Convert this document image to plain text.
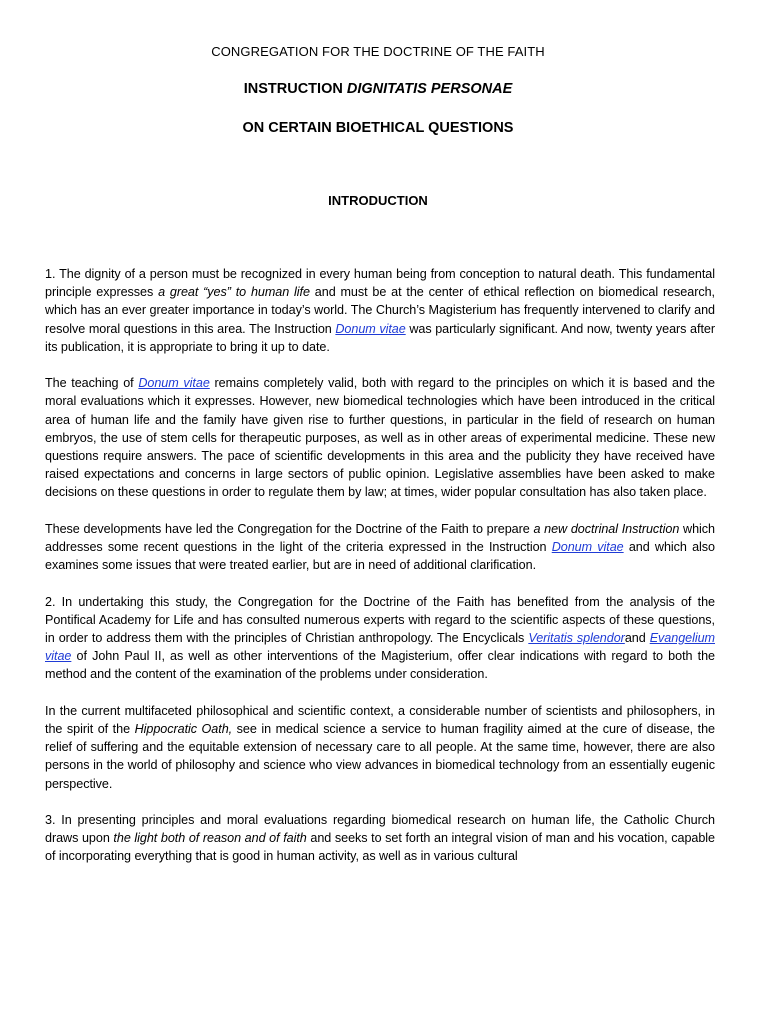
CONGREGATION FOR THE DOCTRINE OF THE FAITH
INSTRUCTION DIGNITATIS PERSONAE
ON CERTAIN BIOETHICAL QUESTIONS
INTRODUCTION

1. The dignity of a person must be recognized in every human being from conception to natural death. This fundamental principle expresses a great “yes” to human life and must be at the center of ethical reflection on biomedical research, which has an ever greater importance in today’s world. The Church’s Magisterium has frequently intervened to clarify and resolve moral questions in this area. The Instruction Donum vitae was particularly significant. And now, twenty years after its publication, it is appropriate to bring it up to date.

The teaching of Donum vitae remains completely valid, both with regard to the principles on which it is based and the moral evaluations which it expresses. However, new biomedical technologies which have been introduced in the critical area of human life and the family have given rise to further questions, in particular in the field of research on human embryos, the use of stem cells for therapeutic purposes, as well as in other areas of experimental medicine. These new questions require answers. The pace of scientific developments in this area and the publicity they have received have raised expectations and concerns in large sectors of public opinion. Legislative assemblies have been asked to make decisions on these questions in order to regulate them by law; at times, wider popular consultation has also taken place.

These developments have led the Congregation for the Doctrine of the Faith to prepare a new doctrinal Instruction which addresses some recent questions in the light of the criteria expressed in the Instruction Donum vitae and which also examines some issues that were treated earlier, but are in need of additional clarification.

2. In undertaking this study, the Congregation for the Doctrine of the Faith has benefited from the analysis of the Pontifical Academy for Life and has consulted numerous experts with regard to the scientific aspects of these questions, in order to address them with the principles of Christian anthropology. The Encyclicals Veritatis splendorand Evangelium vitae of John Paul II, as well as other interventions of the Magisterium, offer clear indications with regard to both the method and the content of the examination of the problems under consideration.

In the current multifaceted philosophical and scientific context, a considerable number of scientists and philosophers, in the spirit of the Hippocratic Oath, see in medical science a service to human fragility aimed at the cure of disease, the relief of suffering and the equitable extension of necessary care to all people. At the same time, however, there are also persons in the world of philosophy and science who view advances in biomedical technology from an essentially eugenic perspective.

3. In presenting principles and moral evaluations regarding biomedical research on human life, the Catholic Church draws upon the light both of reason and of faith and seeks to set forth an integral vision of man and his vocation, capable of incorporating everything that is good in human activity, as well as in various cultural
